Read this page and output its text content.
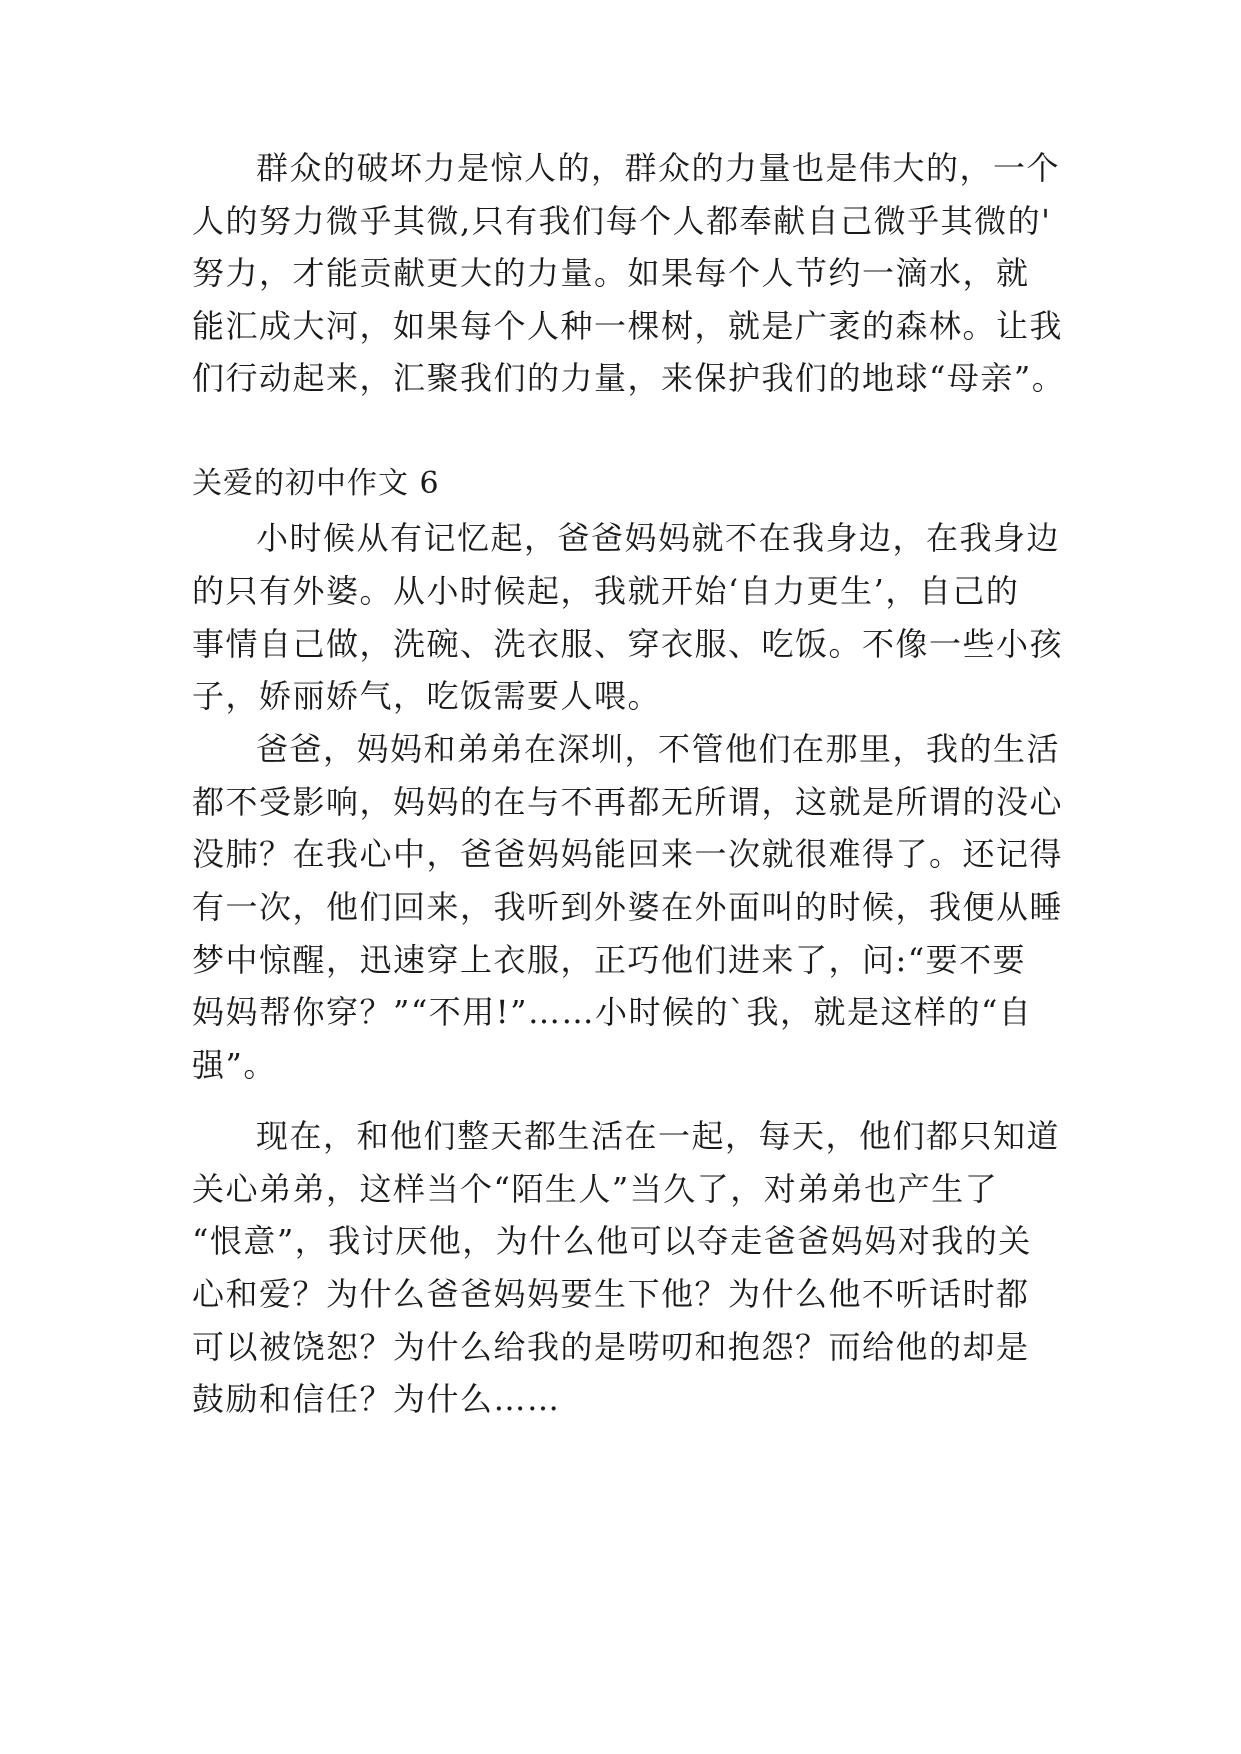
群众的破坏力是惊人的，群众的力量也是伟大的，一个
人的努力微乎其微,只有我们每个人都奉献自己微乎其微的'
努力，才能贡献更大的力量。如果每个人节约一滴水，就
能汇成大河，如果每个人种一棵树，就是广袤的森林。让我
们行动起来，汇聚我们的力量，来保护我们的地球“母亲”。
关爱的初中作文 6
小时候从有记忆起，爸爸妈妈就不在我身边，在我身边
的只有外婆。从小时候起，我就开始‘自力更生’，自己的
事情自己做，洗碗、洗衣服、穿衣服、吃饭。不像一些小孩
子，娇丽娇气，吃饭需要人喂。
爸爸，妈妈和弟弟在深圳，不管他们在那里，我的生活
都不受影响，妈妈的在与不再都无所谓，这就是所谓的没心
没肺？在我心中，爸爸妈妈能回来一次就很难得了。还记得
有一次，他们回来，我听到外婆在外面叫的时候，我便从睡
梦中惊醒，迅速穿上衣服，正巧他们进来了，问:“要不要
妈妈帮你穿？”“不用!”……小时候的`我，就是这样的“自
强”。
现在，和他们整天都生活在一起，每天，他们都只知道
关心弟弟，这样当个“陌生人”当久了，对弟弟也产生了
“恨意”，我讨厌他，为什么他可以夺走爸爸妈妈对我的关
心和爱？为什么爸爸妈妈要生下他？为什么他不听话时都
可以被饶恕？为什么给我的是唠叨和抱怨？而给他的却是
鼓励和信任？为什么……
